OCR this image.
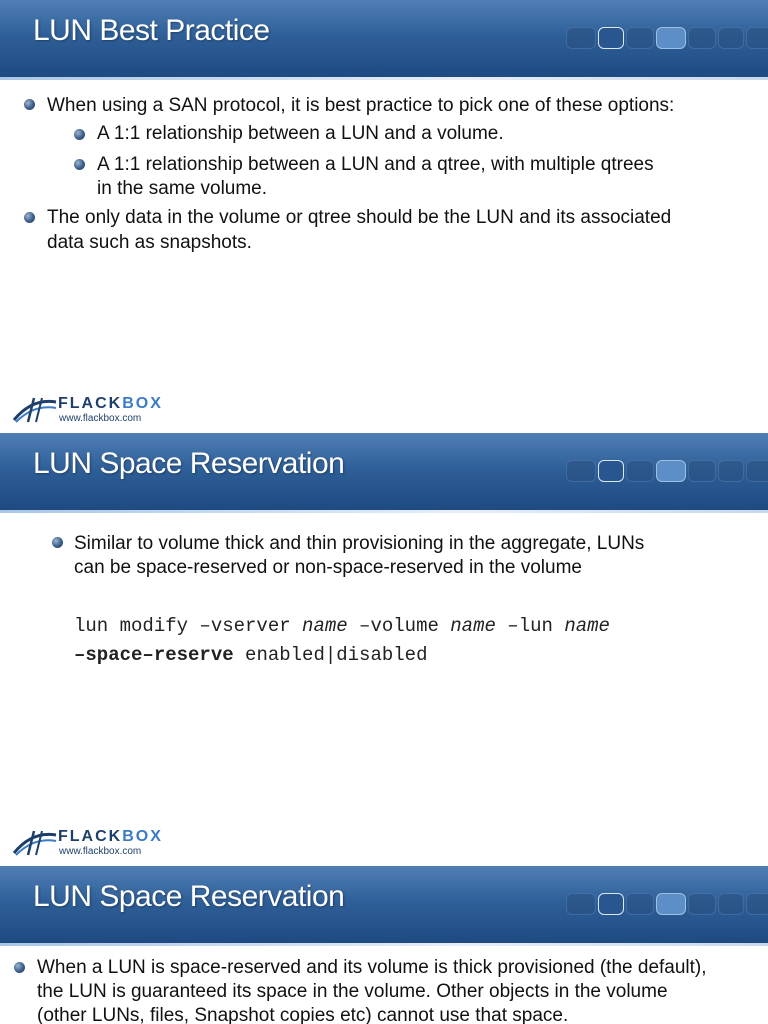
LUN Best Practice
When using a SAN protocol, it is best practice to pick one of these options:
A 1:1 relationship between a LUN and a volume.
A 1:1 relationship between a LUN and a qtree, with multiple qtrees
in the same volume.
The only data in the volume or qtree should be the LUN and its associated
data such as snapshots.
FLACKBOX
www.flackbox.com
LUN Space Reservation
Similar to volume thick and thin provisioning in the aggregate, LUNs
can be space-reserved or non-space-reserved in the volume
lun modify –vserver name –volume name –lun name
–space–reserve enabled|disabled
FLACKBOX
www.flackbox.com
LUN Space Reservation
When a LUN is space-reserved and its volume is thick provisioned (the default),
the LUN is guaranteed its space in the volume. Other objects in the volume
(other LUNs, files, Snapshot copies etc) cannot use that space.
